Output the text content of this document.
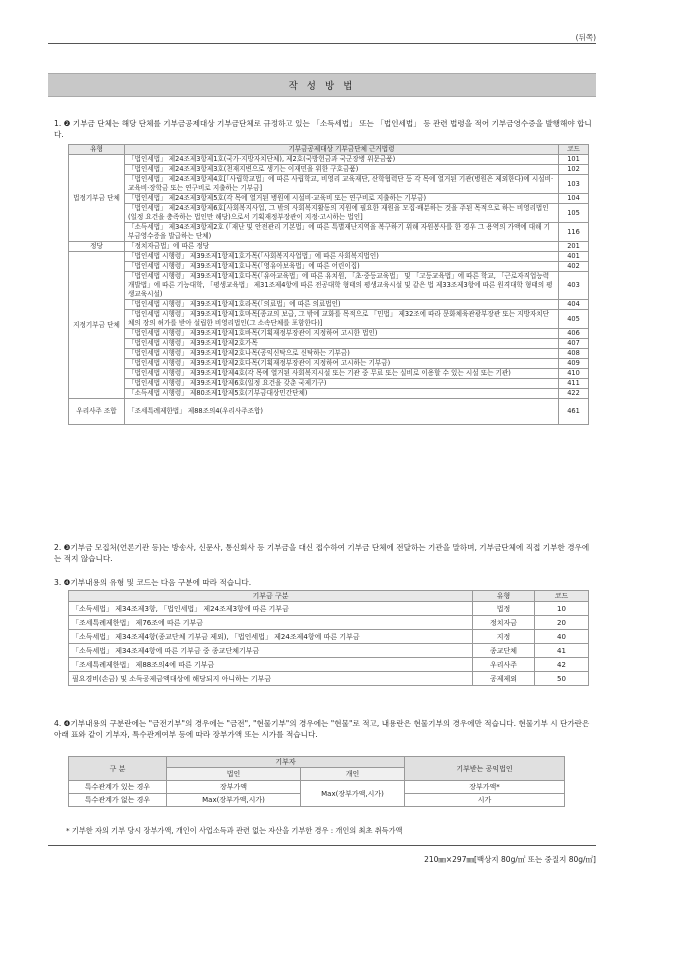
(뒤쪽)
작 성 방 법
1. ❷ 기부금 단체는 해당 단체를 기부금공제대상 기부금단체로 규정하고 있는 「소득세법」 또는 「법인세법」 등 관련 법령을 적어 기부금영수증을 발행해야 합니다.
유형	기부금공제대상 기부금단체 근거법령	코드
법정기부금 단체	「법인세법」 제24조제3항제1호(국가·지방자치단체), 제2호(국방헌금과 국군장병 위문금품)	101
	「법인세법」 제24조제3항제3호(천재지변으로 생기는 이재민을 위한 구호금품)	102
	「법인세법」 제24조제3항제4호[「사립학교법」에 따른 사립학교, 비영리 교육재단, 산학협력단 등 각 목에 열거된 기관(병원은 제외한다)에 시설비·교육비·장학금 또는 연구비로 지출하는 기부금]	103
	「법인세법」 제24조제3항제5호(각 목에 열거된 병원에 시설비·교육비 또는 연구비로 지출하는 기부금)	104
	「법인세법」 제24조제3항제6호[사회복지사업, 그 밖의 사회복지활동의 지원에 필요한 재원을 모집·배분하는 것을 주된 목적으로 하는 비영리법인(일정 요건을 충족하는 법인만 해당)으로서 기획재정부장관이 지정·고시하는 법인]	105
	「소득세법」 제34조제3항제2호 (「재난 및 안전관리 기본법」에 따른 특별재난지역을 복구하기 위해 자원봉사를 한 경우 그 용역의 가액에 대해 기부금영수증을 발급하는 단체)	116
정당	「정치자금법」에 따른 정당	201
지정기부금 단체	「법인세법 시행령」 제39조제1항제1호가목(「사회복지사업법」에 따른 사회복지법인)	401
	「법인세법 시행령」 제39조제1항제1호나목(「영유아보육법」에 따른 어린이집)	402
	「법인세법 시행령」 제39조제1항제1호다목(「유아교육법」에 따른 유치원, 「초·중등교육법」 및 「고등교육법」에 따른 학교, 「근로자직업능력개발법」에 따른 기능대학, 「평생교육법」 제31조제4항에 따른 전공대학 형태의 평생교육시설 및 같은 법 제33조제3항에 따른 원격대학 형태의 평생교육시설)	403
	「법인세법 시행령」 제39조제1항제1호라목(「의료법」에 따른 의료법인)	404
	「법인세법 시행령」 제39조제1항제1호마목[종교의 보급, 그 밖에 교화를 목적으로 「민법」 제32조에 따라 문화체육관광부장관 또는 지방자치단체의 장의 허가를 받아 설립한 비영리법인(그 소속단체를 포함한다)]	405
	「법인세법 시행령」 제39조제1항제1호바목(기획재정부장관이 지정하여 고시한 법인)	406
	「법인세법 시행령」 제39조제1항제2호가목	407
	「법인세법 시행령」 제39조제1항제2호나목(공익신탁으로 신탁하는 기부금)	408
	「법인세법 시행령」 제39조제1항제2호다목(기획재정부장관이 지정하여 고시하는 기부금)	409
	「법인세법 시행령」 제39조제1항제4호(각 목에 열거된 사회복지시설 또는 기관 중 무료 또는 실비로 이용할 수 있는 시설 또는 기관)	410
	「법인세법 시행령」 제39조제1항제6호(일정 요건을 갖춘 국제기구)	411
	「소득세법 시행령」 제80조제1항제5호(기부금대상민간단체)	422
우리사주 조합	「조세특례제한법」 제88조의4(우리사주조합)	461
2. ❸기부금 모집처(언론기관 등)는 방송사, 신문사, 통신회사 등 기부금을 대신 접수하여 기부금 단체에 전달하는 기관을 말하며, 기부금단체에 직접 기부한 경우에는 적지 않습니다.
3. ❹기부내용의 유형 및 코드는 다음 구분에 따라 적습니다.
기부금 구분	유형	코드
「소득세법」 제34조제3항, 「법인세법」 제24조제3항에 따른 기부금	법정	10
「조세특례제한법」 제76조에 따른 기부금	정치자금	20
「소득세법」 제34조제4항(종교단체 기부금 제외), 「법인세법」 제24조제4항에 따른 기부금	지정	40
「소득세법」 제34조제4항에 따른 기부금 중 종교단체기부금	종교단체	41
「조세특례제한법」 제88조의4에 따른 기부금	우리사주	42
필요경비(손금) 및 소득공제금액대상에 해당되지 아니하는 기부금	공제제외	50
4. ❹기부내용의 구분란에는 "금전기부"의 경우에는 "금전", "현물기부"의 경우에는 "현물"로 적고, 내용란은 현물기부의 경우에만 적습니다. 현물기부 시 단가란은 아래 표와 같이 기부자, 특수관계여부 등에 따라 장부가액 또는 시가를 적습니다.
구 분	기부자		기부받는 공익법인
	법인	개인	
특수관계가 있는 경우	장부가액	Max(장부가액,시가)	장부가액*
특수관계가 없는 경우	Max(장부가액,시가)		시가
* 기부한 자의 기부 당시 장부가액, 개인이 사업소득과 관련 없는 자산을 기부한 경우 : 개인의 최초 취득가액
210㎜×297㎜[백상지 80g/㎡ 또는 중질지 80g/㎡]
